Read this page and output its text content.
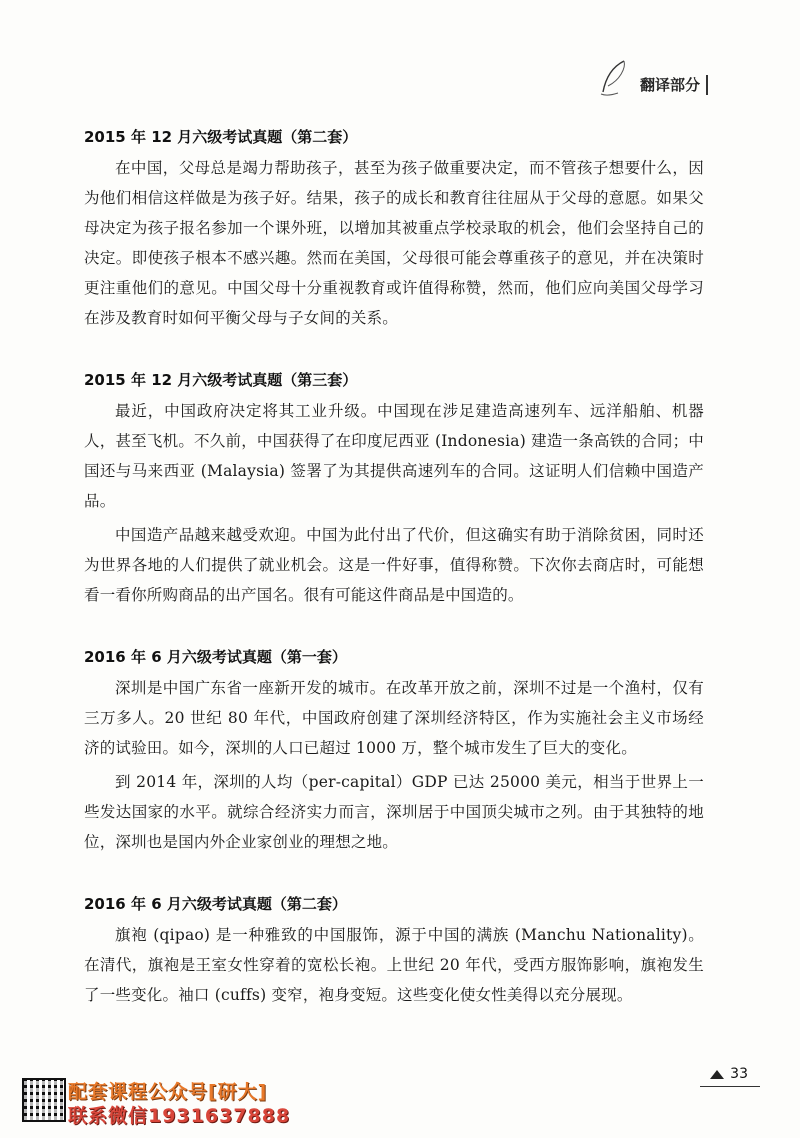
翻译部分

2015 年 12 月六级考试真题（第二套）

在中国，父母总是竭力帮助孩子，甚至为孩子做重要决定，而不管孩子想要什么，因为他们相信这样做是为孩子好。结果，孩子的成长和教育往往屈从于父母的意愿。如果父母决定为孩子报名参加一个课外班，以增加其被重点学校录取的机会，他们会坚持自己的决定。即使孩子根本不感兴趣。然而在美国，父母很可能会尊重孩子的意见，并在决策时更注重他们的意见。中国父母十分重视教育或许值得称赞，然而，他们应向美国父母学习在涉及教育时如何平衡父母与子女间的关系。

2015 年 12 月六级考试真题（第三套）

最近，中国政府决定将其工业升级。中国现在涉足建造高速列车、远洋船舶、机器人，甚至飞机。不久前，中国获得了在印度尼西亚 (Indonesia) 建造一条高铁的合同；中国还与马来西亚 (Malaysia) 签署了为其提供高速列车的合同。这证明人们信赖中国造产品。

中国造产品越来越受欢迎。中国为此付出了代价，但这确实有助于消除贫困，同时还为世界各地的人们提供了就业机会。这是一件好事，值得称赞。下次你去商店时，可能想看一看你所购商品的出产国名。很有可能这件商品是中国造的。

2016 年 6 月六级考试真题（第一套）

深圳是中国广东省一座新开发的城市。在改革开放之前，深圳不过是一个渔村，仅有三万多人。20 世纪 80 年代，中国政府创建了深圳经济特区，作为实施社会主义市场经济的试验田。如今，深圳的人口已超过 1000 万，整个城市发生了巨大的变化。

到 2014 年，深圳的人均（per-capital）GDP 已达 25000 美元，相当于世界上一些发达国家的水平。就综合经济实力而言，深圳居于中国顶尖城市之列。由于其独特的地位，深圳也是国内外企业家创业的理想之地。

2016 年 6 月六级考试真题（第二套）

旗袍 (qipao) 是一种雅致的中国服饰，源于中国的满族 (Manchu Nationality)。在清代，旗袍是王室女性穿着的宽松长袍。上世纪 20 年代，受西方服饰影响，旗袍发生了一些变化。袖口 (cuffs) 变窄，袍身变短。这些变化使女性美得以充分展现。

配套课程公众号[研大]
联系微信1931637888
33
